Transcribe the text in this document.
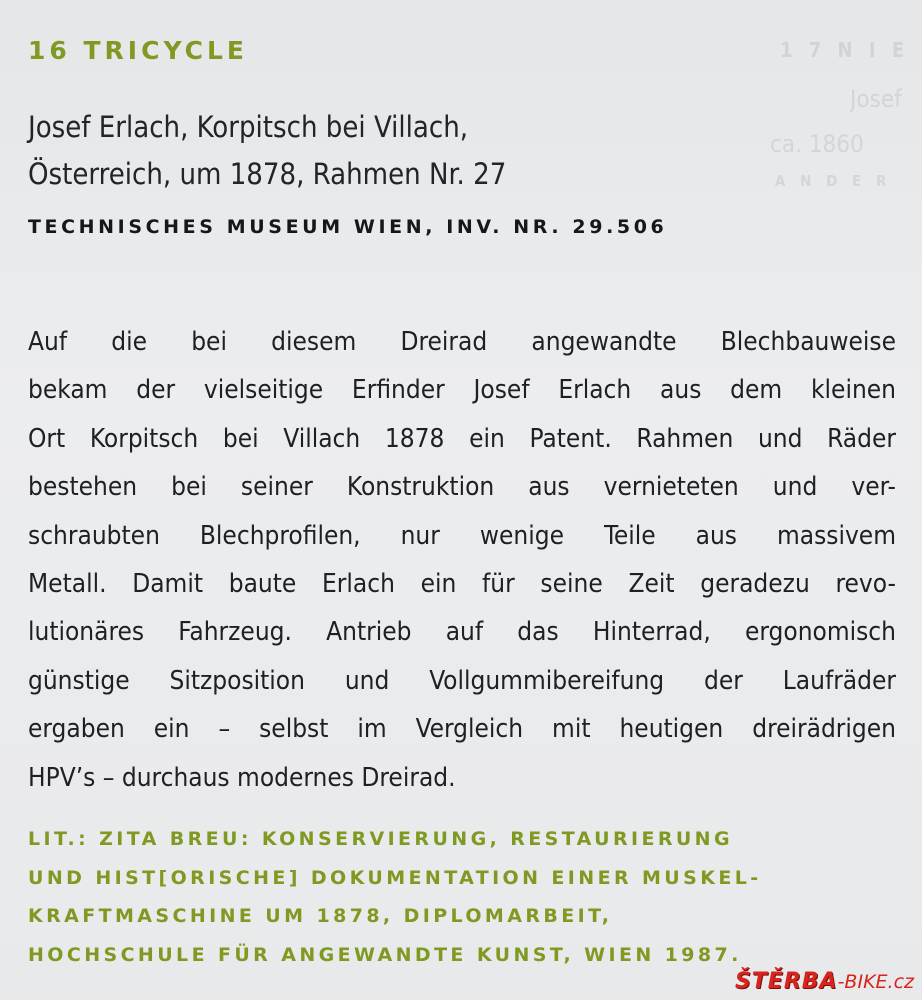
1 7 N I E
Josef
ca. 1860
A N D E R
16 TRICYCLE
Josef Erlach, Korpitsch bei Villach,
Österreich, um 1878, Rahmen Nr. 27
TECHNISCHES MUSEUM WIEN, INV. NR. 29.506
Auf die bei diesem Dreirad angewandte Blechbauweise
bekam der vielseitige Erfinder Josef Erlach aus dem kleinen
Ort Korpitsch bei Villach 1878 ein Patent. Rahmen und Räder
bestehen bei seiner Konstruktion aus vernieteten und ver-
schraubten Blechprofilen, nur wenige Teile aus massivem
Metall. Damit baute Erlach ein für seine Zeit geradezu revo-
lutionäres Fahrzeug. Antrieb auf das Hinterrad, ergonomisch
günstige Sitzposition und Vollgummibereifung der Laufräder
ergaben ein – selbst im Vergleich mit heutigen dreirädrigen
HPV’s – durchaus modernes Dreirad.
LIT.: ZITA BREU: KONSERVIERUNG, RESTAURIERUNG
UND HIST[ORISCHE] DOKUMENTATION EINER MUSKEL-
KRAFTMASCHINE UM 1878, DIPLOMARBEIT,
HOCHSCHULE FÜR ANGEWANDTE KUNST, WIEN 1987.
ŠTĚRBA-BIKE.cz
